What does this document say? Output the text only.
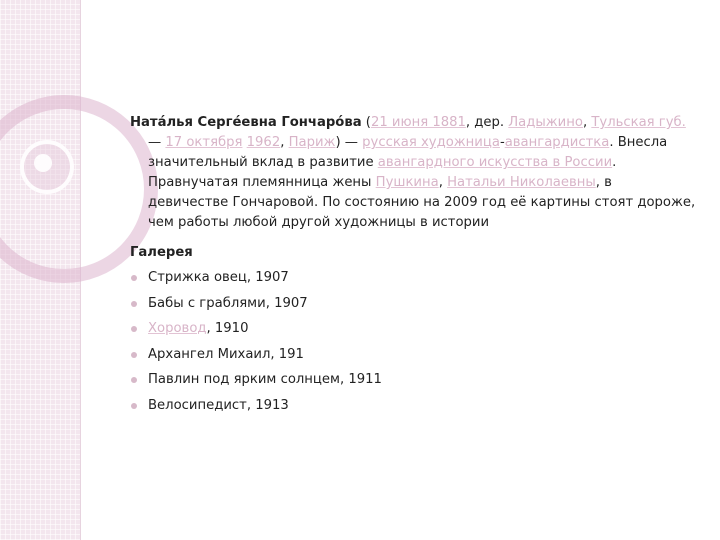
Ната́лья Серге́евна Гончаро́ва (21 июня 1881, дер. Ладыжино, Тульская губ. — 17 октября 1962, Париж) — русская художница-авангардистка. Внесла значительный вклад в развитие авангардного искусства в России. Правнучатая племянница жены Пушкина, Натальи Николаевны, в девичестве Гончаровой. По состоянию на 2009 год её картины стоят дороже, чем работы любой другой художницы в истории

Галерея
Стрижка овец, 1907
Бабы с граблями, 1907
Хоровод, 1910
Архангел Михаил, 191
Павлин под ярким солнцем, 1911
Велосипедист, 1913
